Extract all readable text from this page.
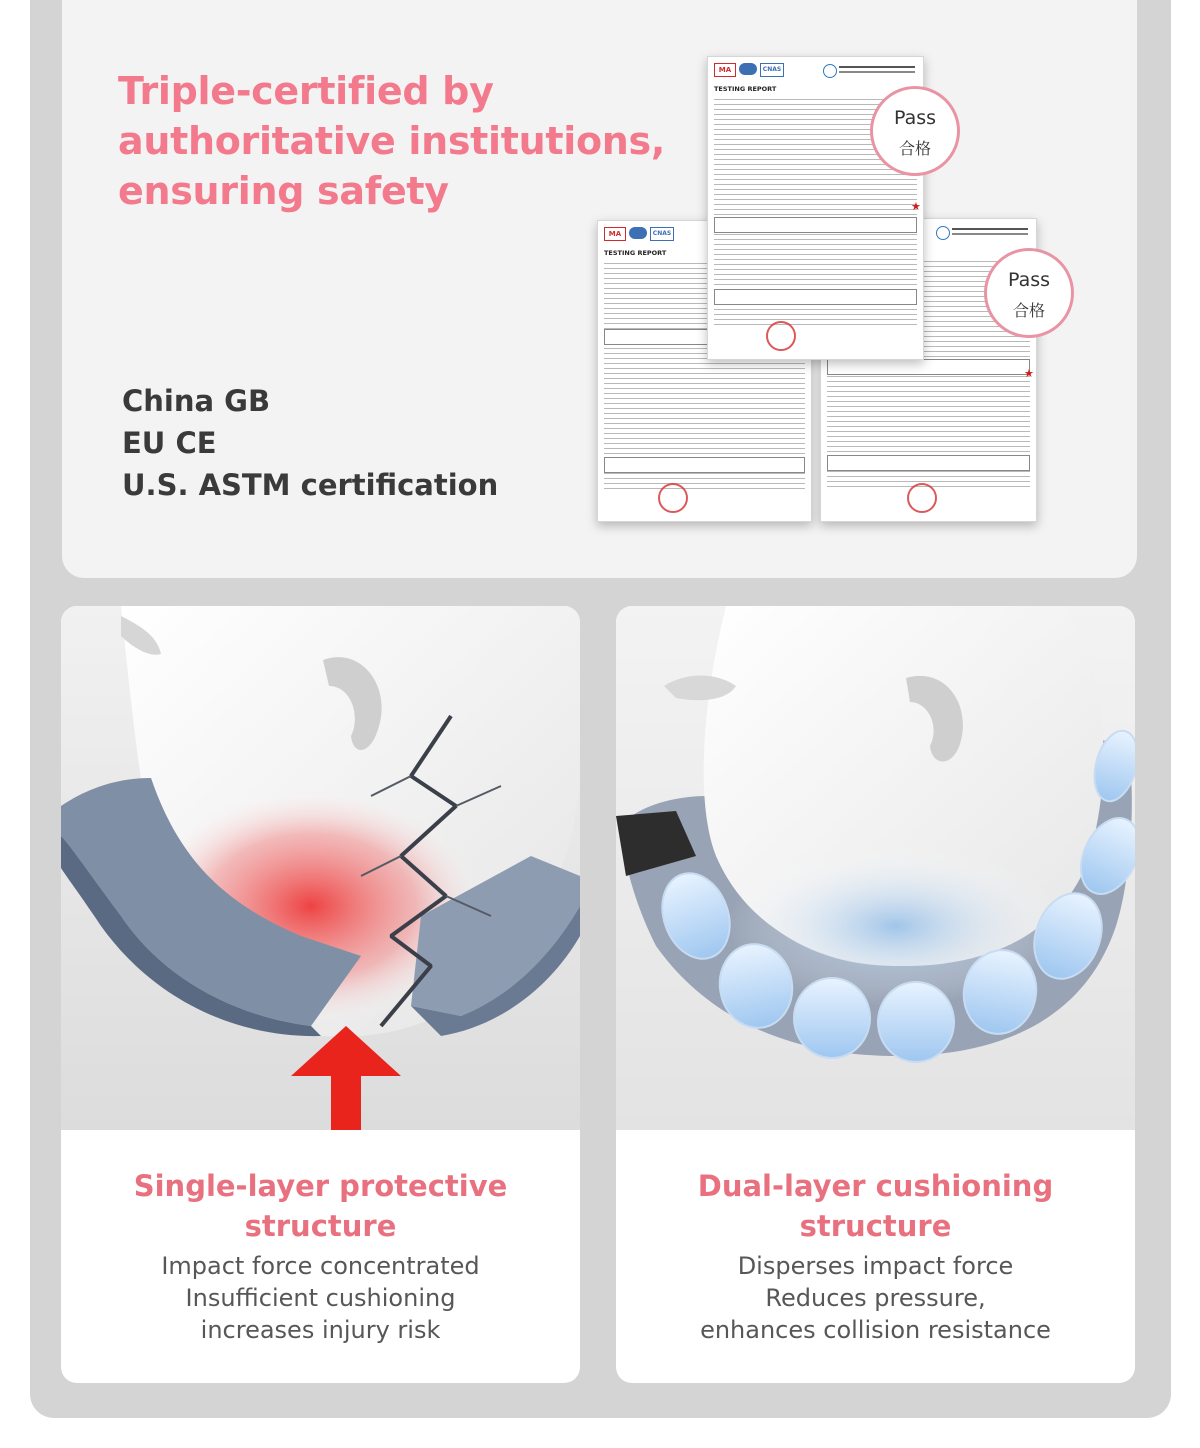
Triple-certified by
authoritative institutions,
ensuring safety
China GB
EU CE
U.S. ASTM certification
MA	CNAS
TESTING REPORT
★
MA	CNAS
TESTING REPORT
★
Pass
合格
Pass
合格
Single-layer protective
structure

Impact force concentrated
Insufficient cushioning
increases injury risk

Dual-layer cushioning
structure

Disperses impact force
Reduces pressure,
enhances collision resistance
